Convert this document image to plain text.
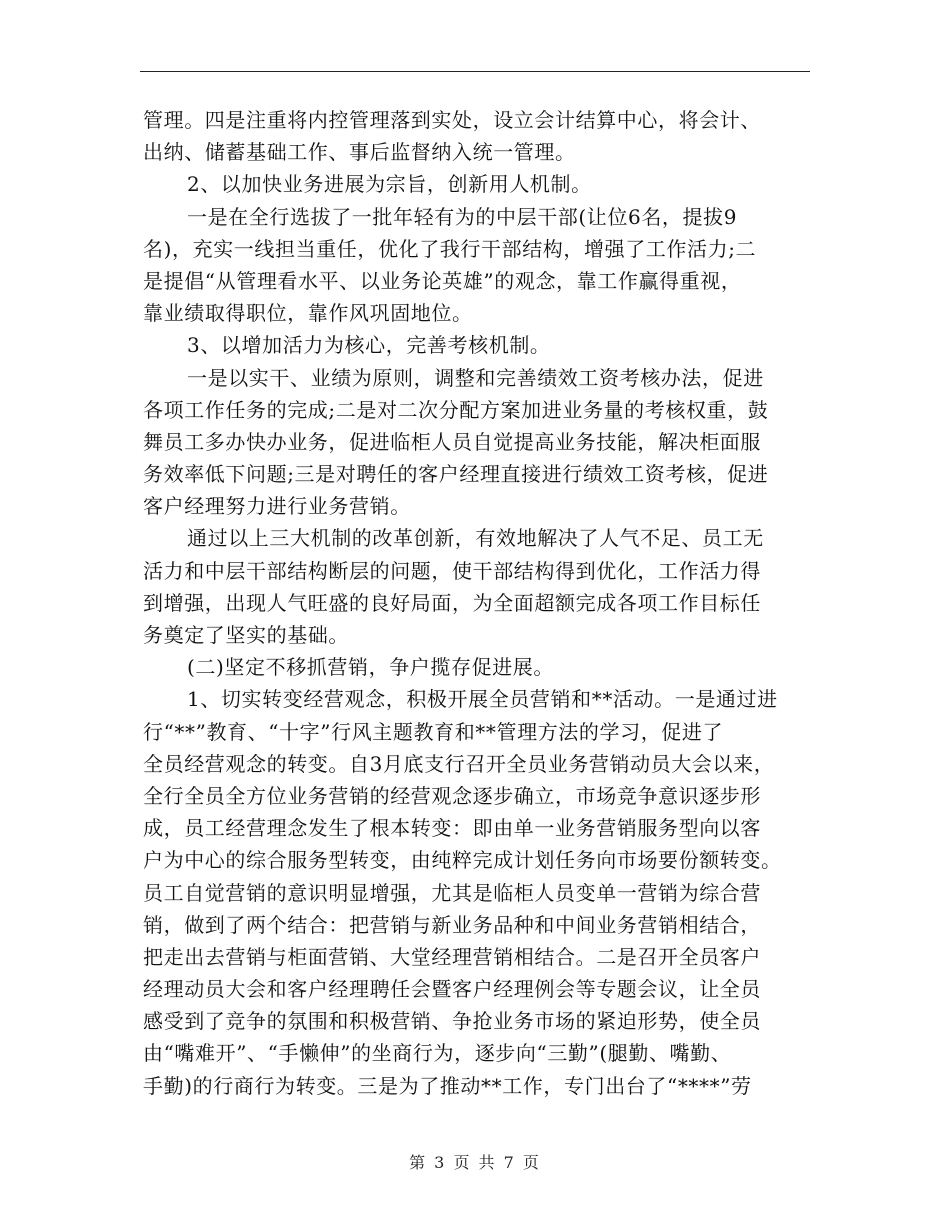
管理。四是注重将内控管理落到实处，设立会计结算中心，将会计、
出纳、储蓄基础工作、事后监督纳入统一管理。
2、以加快业务进展为宗旨，创新用人机制。
一是在全行选拔了一批年轻有为的中层干部(让位6名，提拔9
名)，充实一线担当重任，优化了我行干部结构，增强了工作活力;二
是提倡“从管理看水平、以业务论英雄”的观念，靠工作赢得重视，
靠业绩取得职位，靠作风巩固地位。
3、以增加活力为核心，完善考核机制。
一是以实干、业绩为原则，调整和完善绩效工资考核办法，促进
各项工作任务的完成;二是对二次分配方案加进业务量的考核权重，鼓
舞员工多办快办业务，促进临柜人员自觉提高业务技能，解决柜面服
务效率低下问题;三是对聘任的客户经理直接进行绩效工资考核，促进
客户经理努力进行业务营销。
通过以上三大机制的改革创新，有效地解决了人气不足、员工无
活力和中层干部结构断层的问题，使干部结构得到优化，工作活力得
到增强，出现人气旺盛的良好局面，为全面超额完成各项工作目标任
务奠定了坚实的基础。
(二)坚定不移抓营销，争户揽存促进展。
1、切实转变经营观念，积极开展全员营销和**活动。一是通过进
行“**”教育、“十字”行风主题教育和**管理方法的学习，促进了
全员经营观念的转变。自3月底支行召开全员业务营销动员大会以来，
全行全员全方位业务营销的经营观念逐步确立，市场竞争意识逐步形
成，员工经营理念发生了根本转变：即由单一业务营销服务型向以客
户为中心的综合服务型转变，由纯粹完成计划任务向市场要份额转变。
员工自觉营销的意识明显增强，尤其是临柜人员变单一营销为综合营
销，做到了两个结合：把营销与新业务品种和中间业务营销相结合，
把走出去营销与柜面营销、大堂经理营销相结合。二是召开全员客户
经理动员大会和客户经理聘任会暨客户经理例会等专题会议，让全员
感受到了竞争的氛围和积极营销、争抢业务市场的紧迫形势，使全员
由“嘴难开”、“手懒伸”的坐商行为，逐步向“三勤”(腿勤、嘴勤、
手勤)的行商行为转变。三是为了推动**工作，专门出台了“****”劳
第 3 页 共 7 页
